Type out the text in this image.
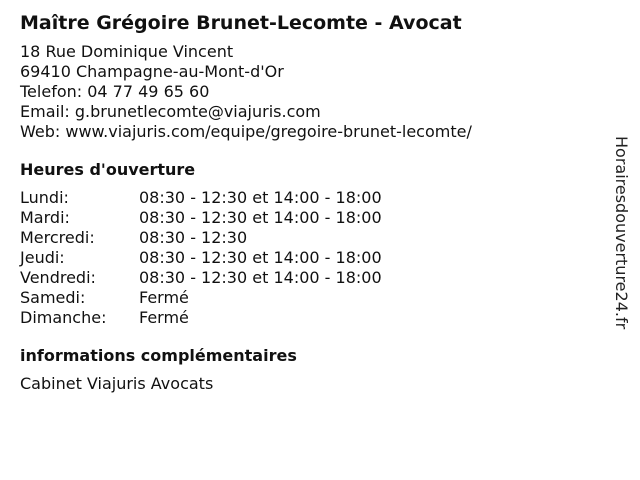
Maître Grégoire Brunet-Lecomte - Avocat
18 Rue Dominique Vincent
69410 Champagne-au-Mont-d'Or
Telefon: 04 77 49 65 60
Email: g.brunetlecomte@viajuris.com
Web: www.viajuris.com/equipe/gregoire-brunet-lecomte/
Heures d'ouverture
Lundi:	08:30 - 12:30 et 14:00 - 18:00
Mardi:	08:30 - 12:30 et 14:00 - 18:00
Mercredi:	08:30 - 12:30
Jeudi:	08:30 - 12:30 et 14:00 - 18:00
Vendredi:	08:30 - 12:30 et 14:00 - 18:00
Samedi:	Fermé
Dimanche:	Fermé
informations complémentaires
Cabinet Viajuris Avocats
Horairesdouverture24.fr
